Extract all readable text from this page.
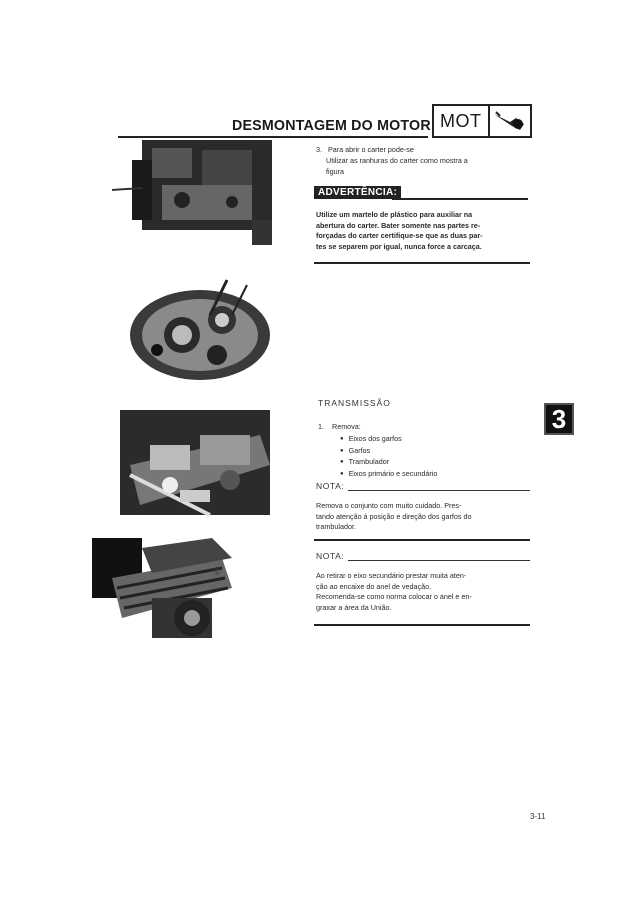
DESMONTAGEM DO MOTOR MOT
①
3. Para abrir o carter pode-se
Utilizar as ranhuras do carter como mostra a
figura
ADVERTÊNCIA:
Utilize um martelo de plástico para auxiliar na
abertura do carter. Bater somente nas partes re-
forçadas do carter certifique-se que as duas par-
tes se separem por igual, nunca force a carcaça.
TRANSMISSÃO
3
1. Remova:
● Eixos dos garfos
● Garfos
● Trambulador
● Eixos primário e secundário
NOTA:
Remova o conjunto com muito cuidado. Pres-
tando atenção à posição e direção dos garfos do
trambulador.
NOTA:
Ao retirar o eixo secundário prestar muita aten-
ção ao encaixe do anel de vedação.
Recomenda-se como norma colocar o anel e en-
graxar a área da União.
3-11
